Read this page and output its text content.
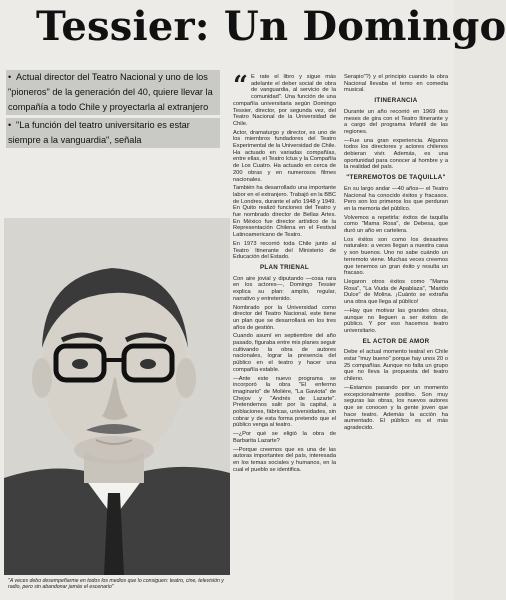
Tessier: Un Domingo
• Actual director del Teatro Nacional y uno de los "pioneros" de la generación del 40, quiere llevar la compañía a todo Chile y proyectarla al extranjero
• "La función del teatro universitario es estar siempre a la vanguardia", señala
"A veces debo desempeñarme en todos los medios que lo consiguen: teatro, cine, televisión y radio, pero sin abandonar jamás el escenario"

“ E rate el libro y sigue más adelante el deber social de obra de vanguardia, al servicio de la comunidad". Una función de una compañía universitaria según Domingo Tessier, director, por segunda vez, del Teatro Nacional de la Universidad de Chile.

Actor, dramaturgo y director, es uno de los miembros fundadores del Teatro Experimental de la Universidad de Chile. Ha actuado en variadas compañías, entre ellas, el Teatro Ictus y la Compañía de Los Cuatro. Ha actuado en cerca de 200 obras y en numerosos filmes nacionales.

También ha desarrollado una importante labor en el extranjero. Trabajó en la BBC de Londres, durante el año 1948 y 1949. En Quito realizó funciones del Teatro y fue nombrado director de Bellas Artes. En México fue director artístico de la Representación Chilena en el Festival Latinoamericano de Teatro.

En 1973 recorrió toda Chile junto al Teatro Itinerante del Ministerio de Educación del Estado.

PLAN TRIENAL

Con aire jovial y diputando —cosa rara en los actores—, Domingo Tessier explica su plan: amplio, regular, narrativo y entretenido.

Nombrado por la Universidad como director del Teatro Nacional, este tiene un plan que se desarrollará en los tres años de gestión.

Cuando asumí en septiembre del año pasado, figuraba entre mis planes seguir cultivando la obra de autores nacionales, lograr la presencia del público en el teatro y hacer una compañía estable.

—Ante este nuevo programa se incorporó la obra "El enfermo imaginario" de Molière, "La Gaviota" de Chejov y "Andrés de Lazarte". Pretendemos salir por la capital, a poblaciones, fábricas, universidades, sin cobrar y de esta forma pretendo que el público venga al teatro.

—¿Por qué se eligió la obra de Barbarita Lazarte?

—Porque creemos que es una de las autoras importantes del país, interesada en los temas sociales y humanos, en la cual el pueblo se identifica.

Serapio"?) y el principio cuando la obra Nacional llevaba el temo en comedia musical.

ITINERANCIA

Durante un año recorrió en 1969 dos meses de gira con el Teatro Itinerante y a cargo del programa Infantil de las regiones.

—Fue una gran experiencia. Algunos todos los directores y actores chilenos debieran vivir. Además, es una oportunidad para conocer al hombre y a la realidad del país.

"TERREMOTOS DE TAQUILLA"

En su largo andar —40 años— el Teatro Nacional ha conocido éxitos y fracasos. Pero son los primeros los que perduran en la memoria del público.

Volvemos a repetirla: éxitos de taquilla como "Mama Rosa", de Debesa, que duró un año en cartelera.

Los éxitos son como los desastres naturales: a veces llegan a nuestra casa y son buenos. Uno no sabe cuándo un terremoto viene. Muchas veces creemos que tenemos un gran éxito y resulta un fracaso.

Llegaron otros éxitos como "Mama Rosa", "La Viuda de Apablaza", "Marido Dulce" de Molina. ¡Cuánto se extraña una obra que llega al público!

—Hay que motivar las grandes obras, aunque no lleguen a ser éxitos de público. Y por eso hacemos teatro universitario.

EL ACTOR DE AMOR

Debe el actual momento teatral en Chile estar "muy bueno" porque hay unos 20 o 25 compañías. Aunque no falta un grupo que no lleva la propuesta del teatro chileno.

—Estamos pasando por un momento excepcionalmente positivo. Son muy seguras las obras, los nuevos autores que se conocen y la gente joven que hace teatro. Además la acción ha aumentado. El público es el más agradecido.
